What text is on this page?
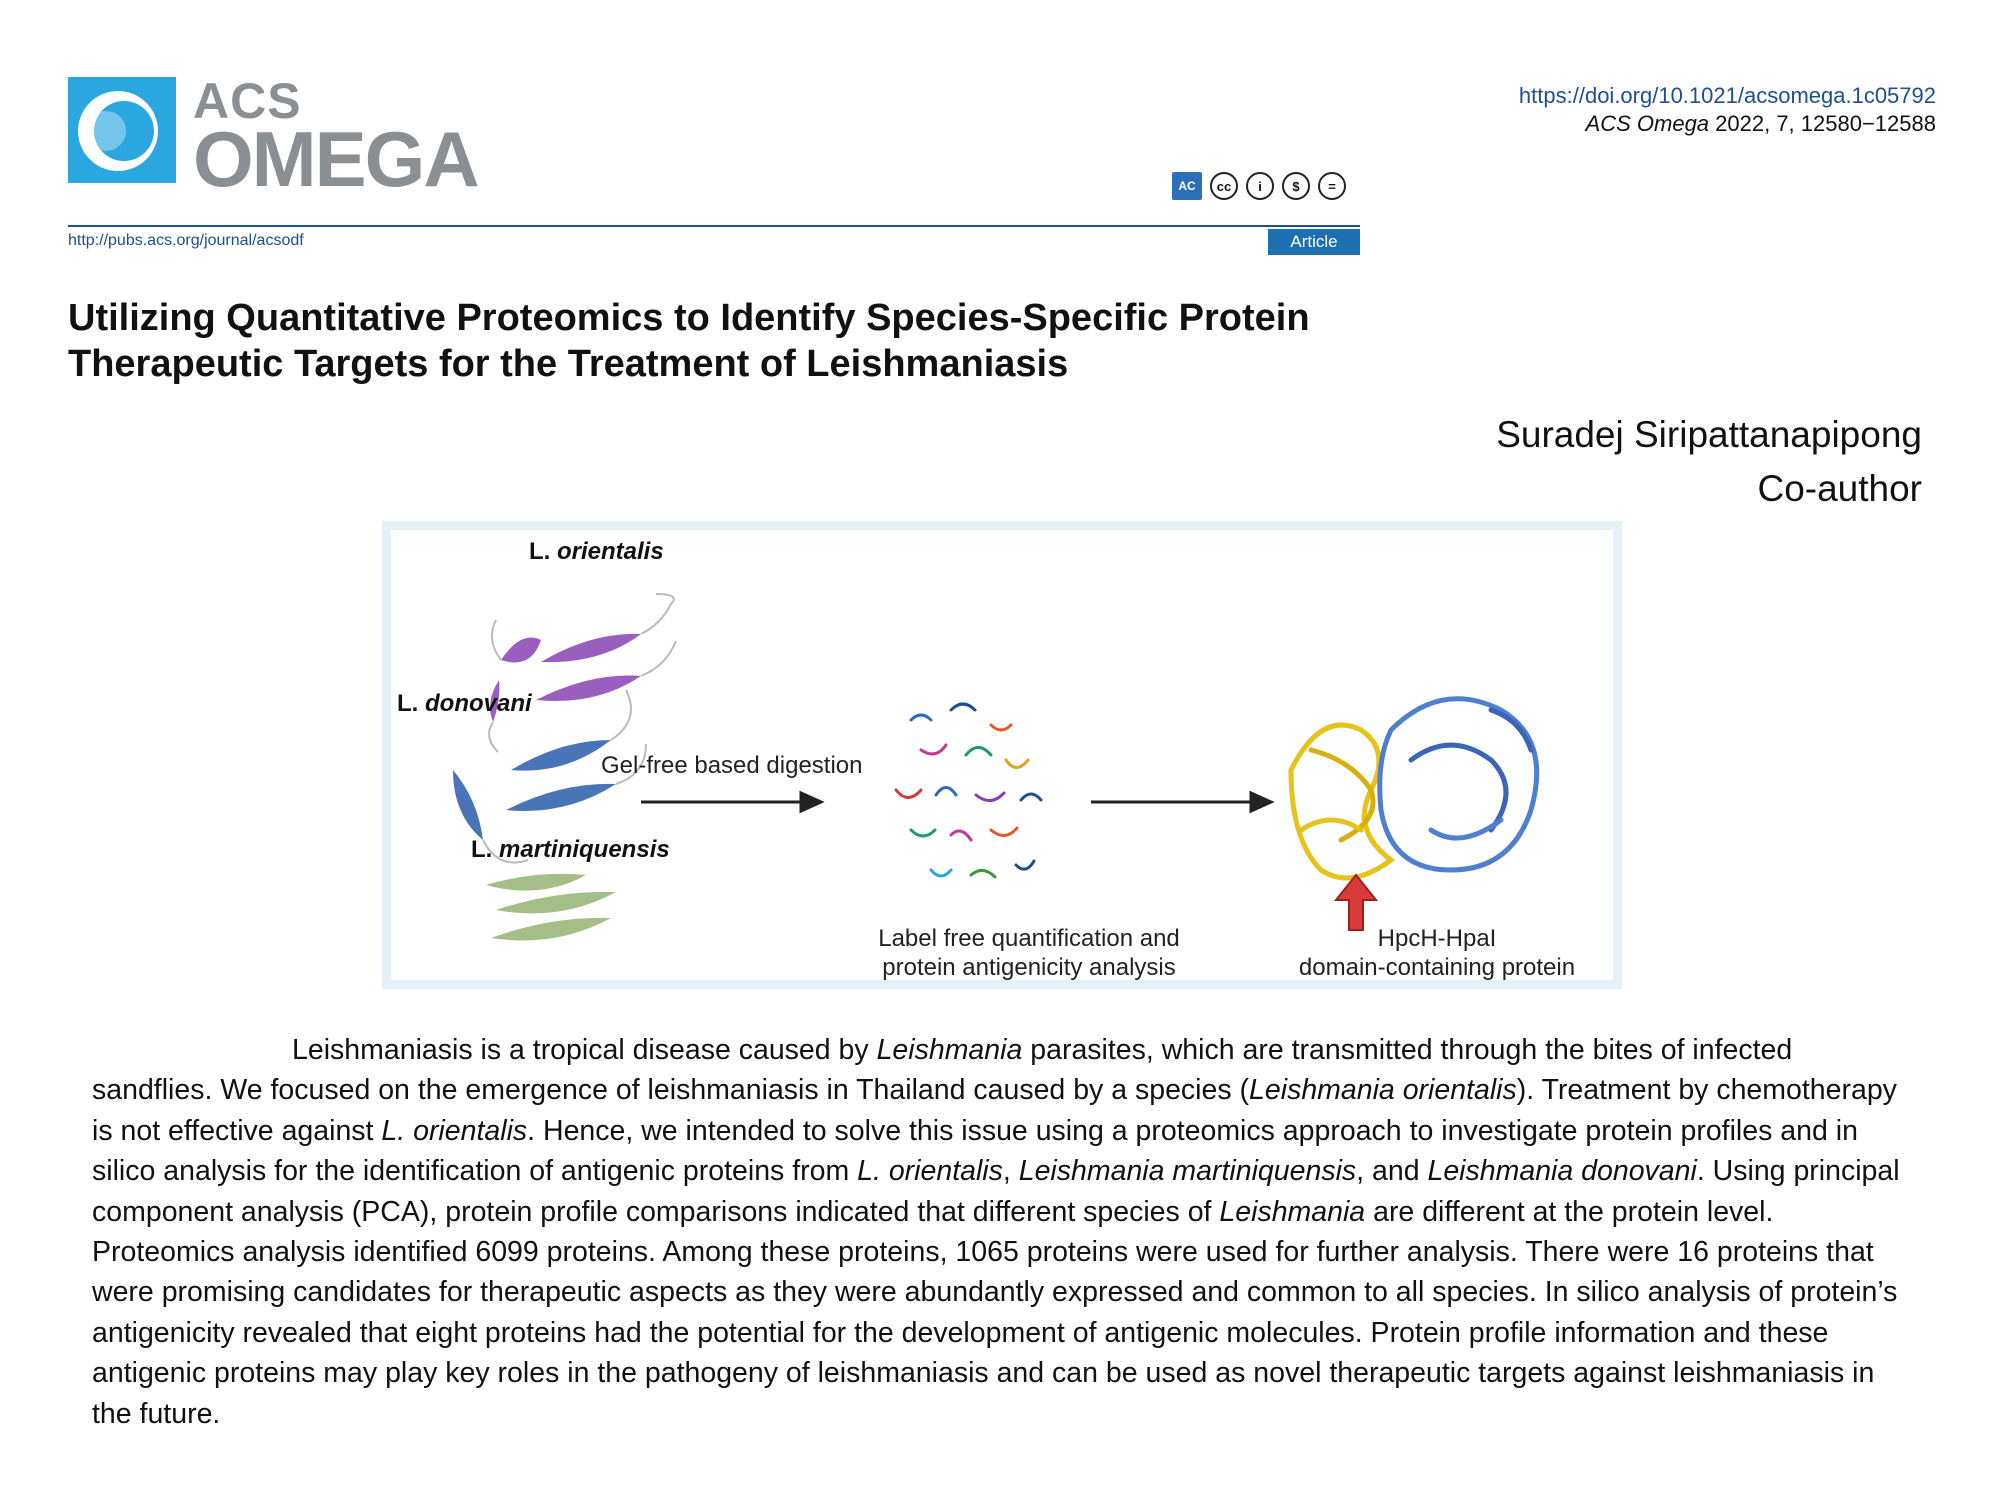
ACS
OMEGA
https://doi.org/10.1021/acsomega.1c05792
ACS Omega 2022, 7, 12580−12588
AC	cc	i	$	=
http://pubs.acs.org/journal/acsodf	Article
Utilizing Quantitative Proteomics to Identify Species-Specific Protein Therapeutic Targets for the Treatment of Leishmaniasis
Suradej Siripattanapipong
Co-author
L. orientalis
L. donovani
L. martiniquensis
Gel-free based digestion
Label free quantification and
protein antigenicity analysis
HpcH-HpaI
domain-containing protein

Leishmaniasis is a tropical disease caused by Leishmania parasites, which are transmitted through the bites of infected sandflies. We focused on the emergence of leishmaniasis in Thailand caused by a species (Leishmania orientalis). Treatment by chemotherapy is not effective against L. orientalis. Hence, we intended to solve this issue using a proteomics approach to investigate protein profiles and in silico analysis for the identification of antigenic proteins from L. orientalis, Leishmania martiniquensis, and Leishmania donovani. Using principal component analysis (PCA), protein profile comparisons indicated that different species of Leishmania are different at the protein level. Proteomics analysis identified 6099 proteins. Among these proteins, 1065 proteins were used for further analysis. There were 16 proteins that were promising candidates for therapeutic aspects as they were abundantly expressed and common to all species. In silico analysis of protein’s antigenicity revealed that eight proteins had the potential for the development of antigenic molecules. Protein profile information and these antigenic proteins may play key roles in the pathogeny of leishmaniasis and can be used as novel therapeutic targets against leishmaniasis in the future.
